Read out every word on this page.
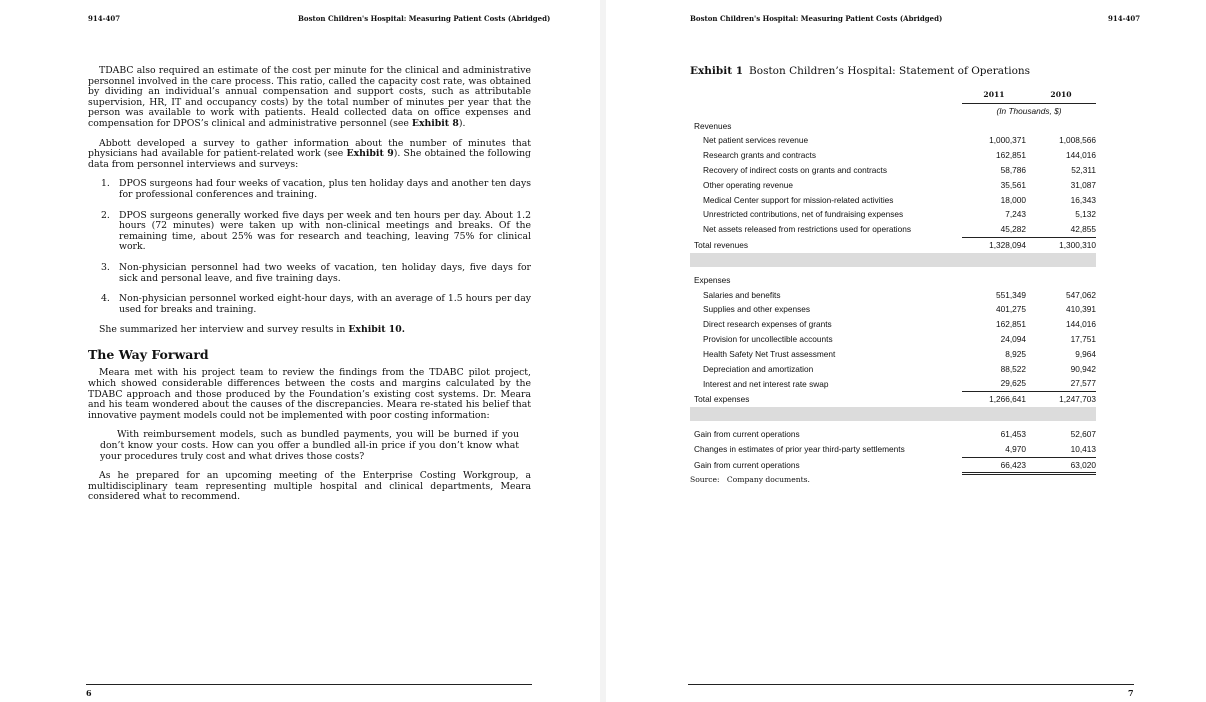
914-407	Boston Children's Hospital: Measuring Patient Costs (Abridged)

TDABC also required an estimate of the cost per minute for the clinical and administrative personnel involved in the care process. This ratio, called the capacity cost rate, was obtained by dividing an individual’s annual compensation and support costs, such as attributable supervision, HR, IT and occupancy costs) by the total number of minutes per year that the person was available to work with patients. Heald collected data on office expenses and compensation for DPOS’s clinical and administrative personnel (see Exhibit 8).

Abbott developed a survey to gather information about the number of minutes that physicians had available for patient-related work (see Exhibit 9). She obtained the following data from personnel interviews and surveys:

1. DPOS surgeons had four weeks of vacation, plus ten holiday days and another ten days for professional conferences and training.
2. DPOS surgeons generally worked five days per week and ten hours per day. About 1.2 hours (72 minutes) were taken up with non-clinical meetings and breaks. Of the remaining time, about 25% was for research and teaching, leaving 75% for clinical work.
3. Non-physician personnel had two weeks of vacation, ten holiday days, five days for sick and personal leave, and five training days.
4. Non-physician personnel worked eight-hour days, with an average of 1.5 hours per day used for breaks and training.

She summarized her interview and survey results in Exhibit 10.

The Way Forward

Meara met with his project team to review the findings from the TDABC pilot project, which showed considerable differences between the costs and margins calculated by the TDABC approach and those produced by the Foundation’s existing cost systems. Dr. Meara and his team wondered about the causes of the discrepancies. Meara re-stated his belief that innovative payment models could not be implemented with poor costing information:

With reimbursement models, such as bundled payments, you will be burned if you don’t know your costs. How can you offer a bundled all-in price if you don’t know what your procedures truly cost and what drives those costs?

As he prepared for an upcoming meeting of the Enterprise Costing Workgroup, a multidisciplinary team representing multiple hospital and clinical departments, Meara considered what to recommend.

6
Boston Children's Hospital: Measuring Patient Costs (Abridged)	914-407
Exhibit 1 Boston Children’s Hospital: Statement of Operations
	2011	2010
	(In Thousands, $)	
Revenues		
Net patient services revenue	1,000,371	1,008,566
Research grants and contracts	162,851	144,016
Recovery of indirect costs on grants and contracts	58,786	52,311
Other operating revenue	35,561	31,087
Medical Center support for mission-related activities	18,000	16,343
Unrestricted contributions, net of fundraising expenses	7,243	5,132
Net assets released from restrictions used for operations	45,282	42,855
Total revenues	1,328,094	1,300,310

Expenses		
Salaries and benefits	551,349	547,062
Supplies and other expenses	401,275	410,391
Direct research expenses of grants	162,851	144,016
Provision for uncollectible accounts	24,094	17,751
Health Safety Net Trust assessment	8,925	9,964
Depreciation and amortization	88,522	90,942
Interest and net interest rate swap	29,625	27,577
Total expenses	1,266,641	1,247,703

Gain from current operations	61,453	52,607
Changes in estimates of prior year third-party settlements	4,970	10,413
Gain from current operations	66,423	63,020
Source: Company documents.
7
